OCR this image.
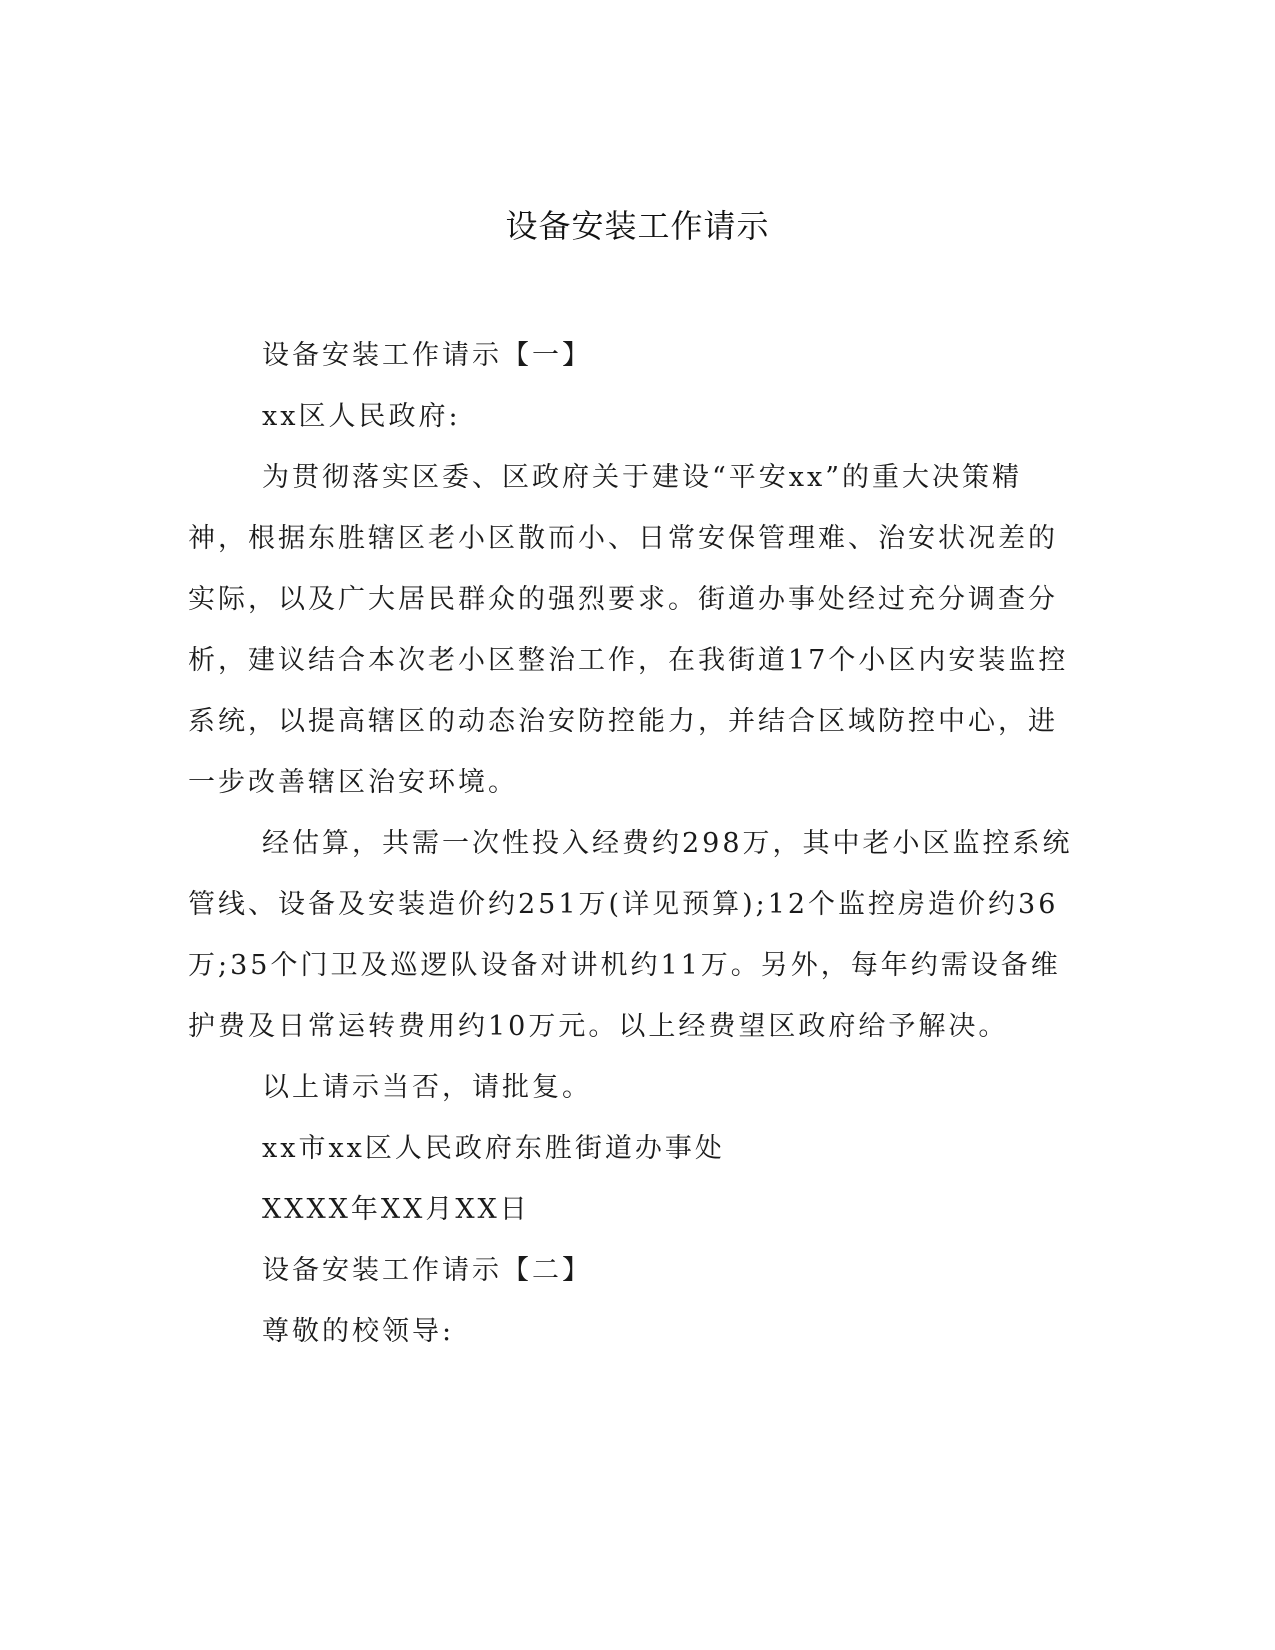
设备安装工作请示

设备安装工作请示【一】

xx区人民政府:

为贯彻落实区委、区政府关于建设“平安xx”的重大决策精神，根据东胜辖区老小区散而小、日常安保管理难、治安状况差的实际，以及广大居民群众的强烈要求。街道办事处经过充分调查分析，建议结合本次老小区整治工作，在我街道17个小区内安装监控系统，以提高辖区的动态治安防控能力，并结合区域防控中心，进一步改善辖区治安环境。

经估算，共需一次性投入经费约298万，其中老小区监控系统管线、设备及安装造价约251万(详见预算);12个监控房造价约36万;35个门卫及巡逻队设备对讲机约11万。另外，每年约需设备维护费及日常运转费用约10万元。以上经费望区政府给予解决。

以上请示当否，请批复。

xx市xx区人民政府东胜街道办事处

XXXX年XX月XX日

设备安装工作请示【二】

尊敬的校领导:
